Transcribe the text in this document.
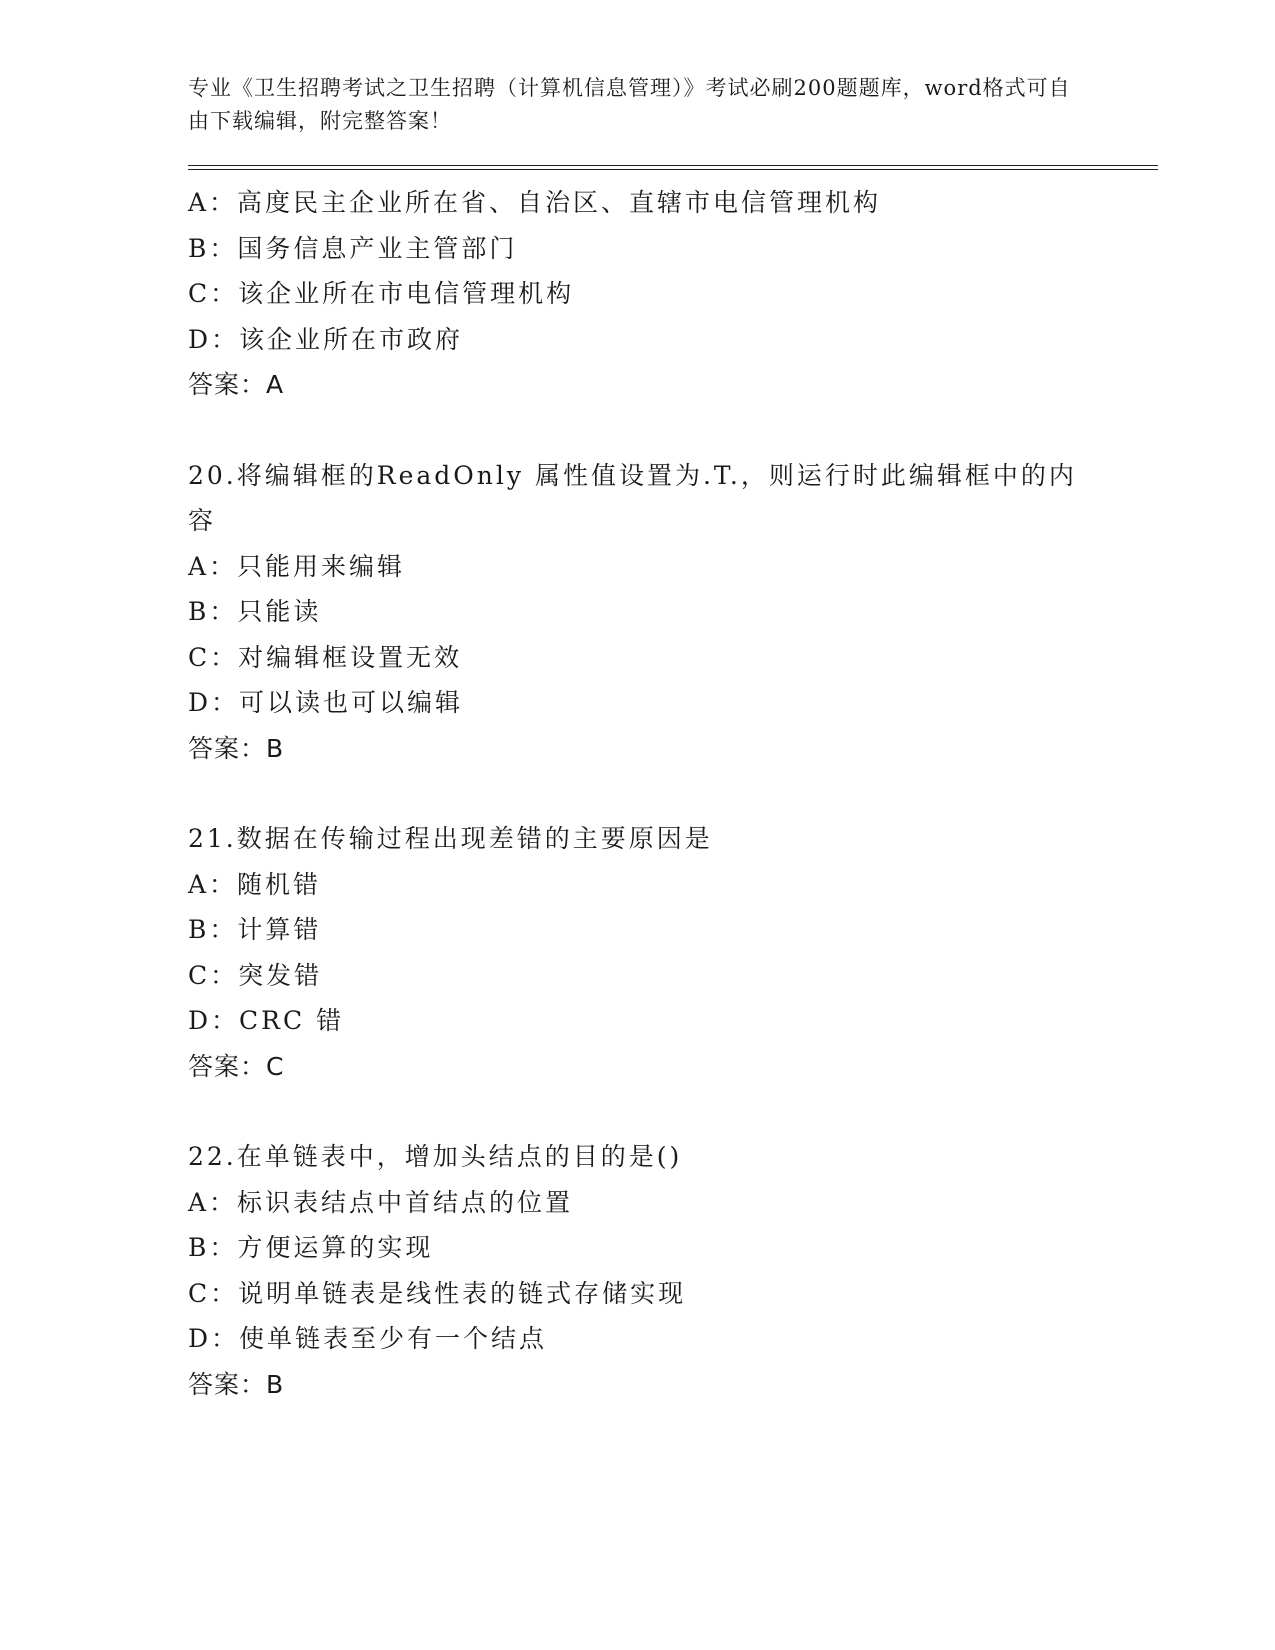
专业《卫生招聘考试之卫生招聘（计算机信息管理）》考试必刷200题题库，word格式可自由下载编辑，附完整答案！

A：高度民主企业所在省、自治区、直辖市电信管理机构
B：国务信息产业主管部门
C：该企业所在市电信管理机构
D：该企业所在市政府
答案：A
20.将编辑框的ReadOnly 属性值设置为.T.，则运行时此编辑框中的内容
A：只能用来编辑
B：只能读
C：对编辑框设置无效
D：可以读也可以编辑
答案：B
21.数据在传输过程出现差错的主要原因是
A：随机错
B：计算错
C：突发错
D：CRC 错
答案：C
22.在单链表中，增加头结点的目的是()
A：标识表结点中首结点的位置
B：方便运算的实现
C：说明单链表是线性表的链式存储实现
D：使单链表至少有一个结点
答案：B
